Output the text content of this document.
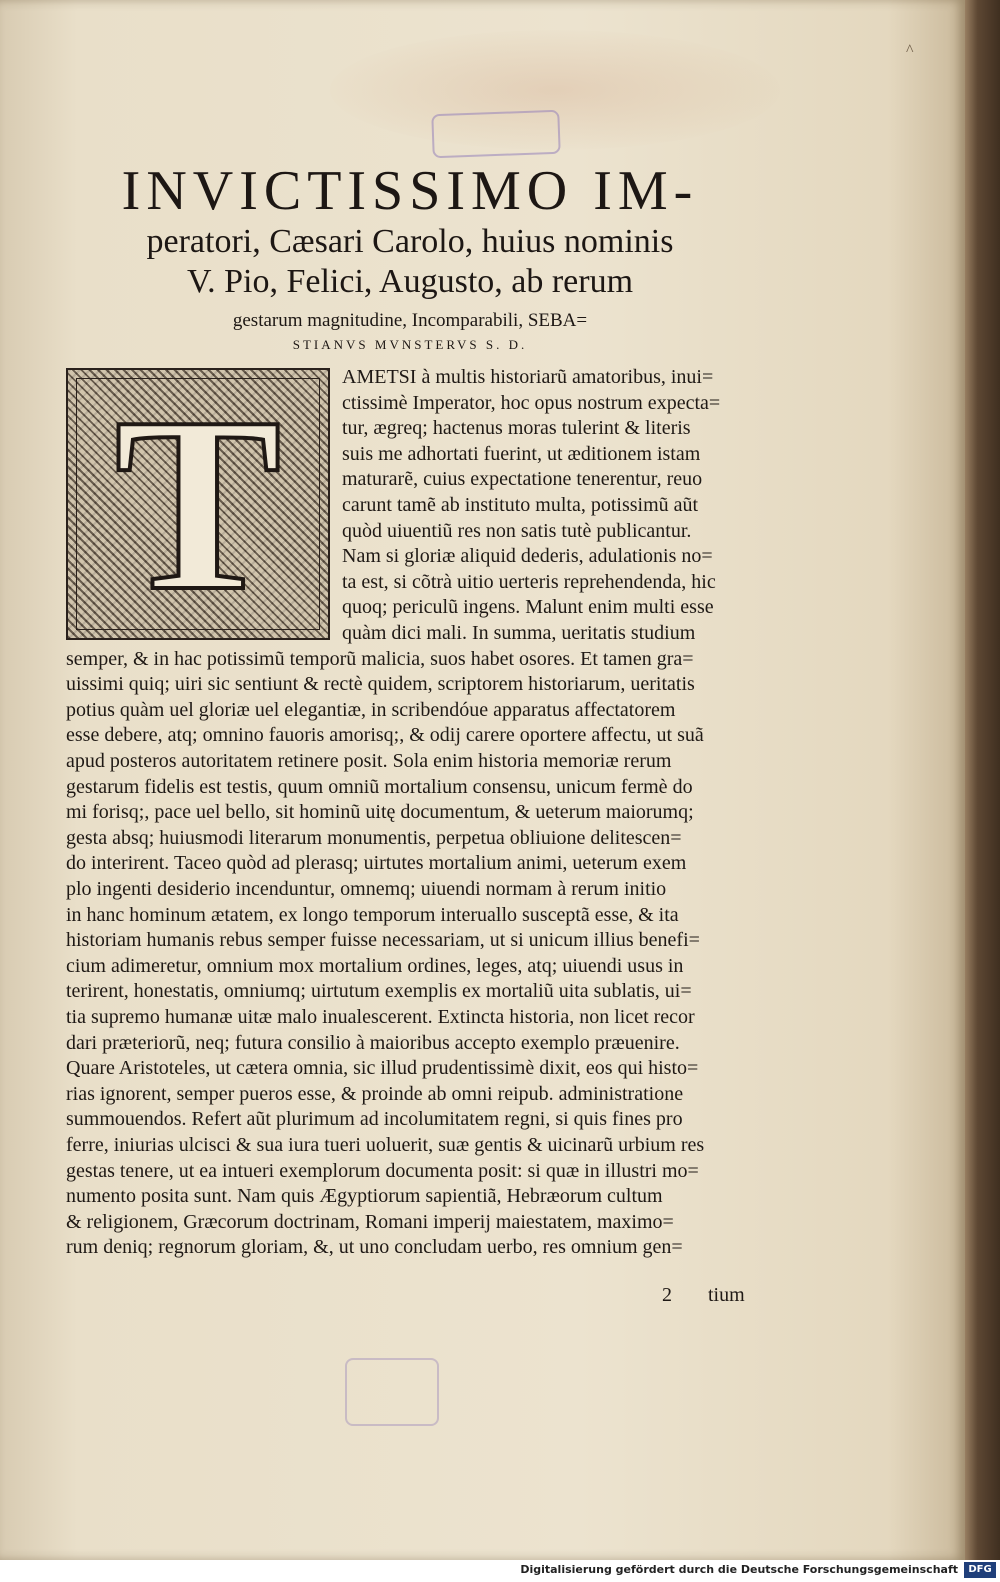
^
INVICTISSIMO IM-
peratori, Cæsari Carolo, huius nominis
V. Pio, Felici, Augusto, ab rerum
gestarum magnitudine, Incomparabili, SEBA=
STIANVS MVNSTERVS S. D.
T	AMETSI à multis historiarũ amatoribus, inui=
ctissimè Imperator, hoc opus nostrum expecta=
tur, ægreq; hactenus moras tulerint & literis
suis me adhortati fuerint, ut æditionem istam
maturarẽ, cuius expectatione tenerentur, reuo
carunt tamẽ ab instituto multa, potissimũ aũt
quòd uiuentiũ res non satis tutè publicantur.
Nam si gloriæ aliquid dederis, adulationis no=
ta est, si cõtrà uitio uerteris reprehendenda, hic
quoq; periculũ ingens. Malunt enim multi esse
quàm dici mali. In summa, ueritatis studium
semper, & in hac potissimũ temporũ malicia, suos habet osores. Et tamen gra=
uissimi quiq; uiri sic sentiunt & rectè quidem, scriptorem historiarum, ueritatis
potius quàm uel gloriæ uel elegantiæ, in scribendóue apparatus affectatorem
esse debere, atq; omnino fauoris amorisq;, & odij carere oportere affectu, ut suã
apud posteros autoritatem retinere posit. Sola enim historia memoriæ rerum
gestarum fidelis est testis, quum omniũ mortalium consensu, unicum fermè do
mi forisq;, pace uel bello, sit hominũ uitę documentum, & ueterum maiorumq;
gesta absq; huiusmodi literarum monumentis, perpetua obliuione delitescen=
do interirent. Taceo quòd ad plerasq; uirtutes mortalium animi, ueterum exem
plo ingenti desiderio incenduntur, omnemq; uiuendi normam à rerum initio
in hanc hominum ætatem, ex longo temporum interuallo susceptã esse, & ita
historiam humanis rebus semper fuisse necessariam, ut si unicum illius benefi=
cium adimeretur, omnium mox mortalium ordines, leges, atq; uiuendi usus in
terirent, honestatis, omniumq; uirtutum exemplis ex mortaliũ uita sublatis, ui=
tia supremo humanæ uitæ malo inualescerent. Extincta historia, non licet recor
dari præteriorũ, neq; futura consilio à maioribus accepto exemplo præuenire.
Quare Aristoteles, ut cætera omnia, sic illud prudentissimè dixit, eos qui histo=
rias ignorent, semper pueros esse, & proinde ab omni reipub. administratione
summouendos. Refert aũt plurimum ad incolumitatem regni, si quis fines pro
ferre, iniurias ulcisci & sua iura tueri uoluerit, suæ gentis & uicinarũ urbium res
gestas tenere, ut ea intueri exemplorum documenta posit: si quæ in illustri mo=
numento posita sunt. Nam quis Ægyptiorum sapientiã, Hebræorum cultum
& religionem, Græcorum doctrinam, Romani imperij maiestatem, maximo=
rum deniq; regnorum gloriam, &, ut uno concludam uerbo, res omnium gen=
2 tium
Digitalisierung gefördert durch die Deutsche Forschungsgemeinschaft	DFG
